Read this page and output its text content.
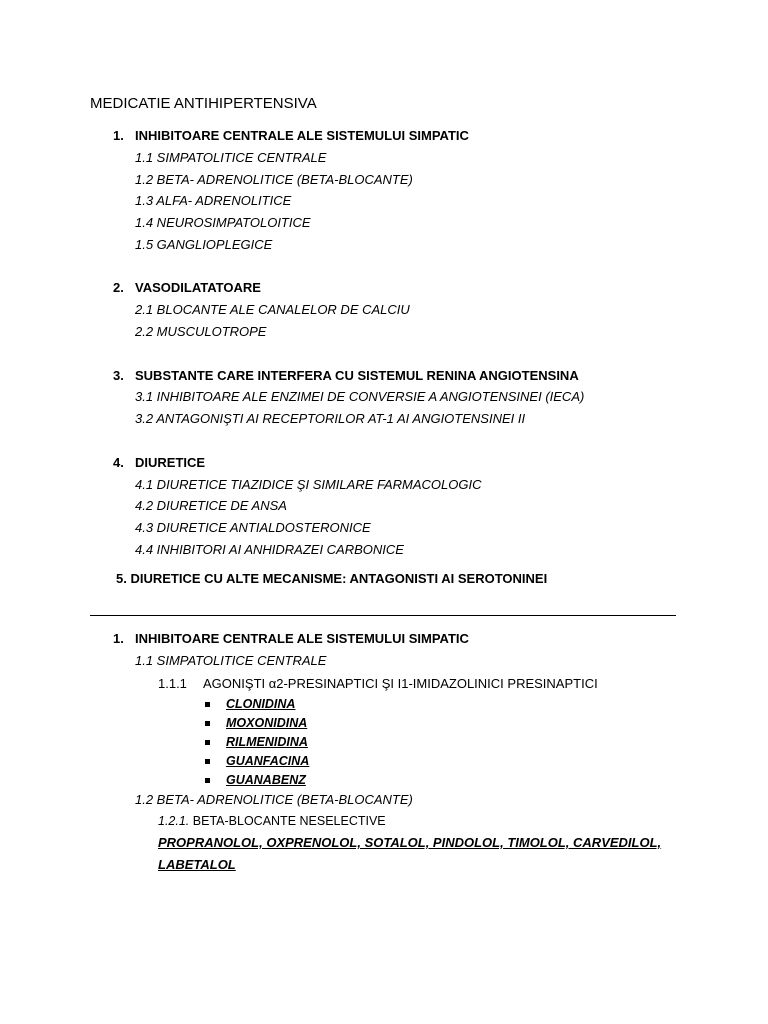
MEDICATIE ANTIHIPERTENSIVA
1. INHIBITOARE CENTRALE ALE SISTEMULUI SIMPATIC
1.1 SIMPATOLITICE CENTRALE
1.2 BETA- ADRENOLITICE (BETA-BLOCANTE)
1.3 ALFA- ADRENOLITICE
1.4 NEUROSIMPATOLOITICE
1.5 GANGLIOPLEGICE
2. VASODILATATOARE
2.1 BLOCANTE ALE CANALELOR DE CALCIU
2.2 MUSCULOTROPE
3. SUBSTANTE CARE INTERFERA CU SISTEMUL RENINA ANGIOTENSINA
3.1 INHIBITOARE ALE ENZIMEI DE CONVERSIE A ANGIOTENSINEI (IECA)
3.2 ANTAGONIŞTI AI RECEPTORILOR AT-1 AI ANGIOTENSINEI II
4. DIURETICE
4.1 DIURETICE TIAZIDICE ŞI SIMILARE FARMACOLOGIC
4.2 DIURETICE DE ANSA
4.3 DIURETICE ANTIALDOSTERONICE
4.4 INHIBITORI AI ANHIDRAZEI CARBONICE
5. DIURETICE CU ALTE MECANISME: ANTAGONISTI AI SEROTONINEI
1. INHIBITOARE CENTRALE ALE SISTEMULUI SIMPATIC
1.1 SIMPATOLITICE CENTRALE
1.1.1 AGONIŞTI α2-PRESINAPTICI ŞI I1-IMIDAZOLINICI PRESINAPTICI
CLONIDINA
MOXONIDINA
RILMENIDINA
GUANFACINA
GUANABENZ
1.2 BETA- ADRENOLITICE (BETA-BLOCANTE)
1.2.1. BETA-BLOCANTE NESELECTIVE
PROPRANOLOL, OXPRENOLOL, SOTALOL, PINDOLOL, TIMOLOL, CARVEDILOL,
LABETALOL
